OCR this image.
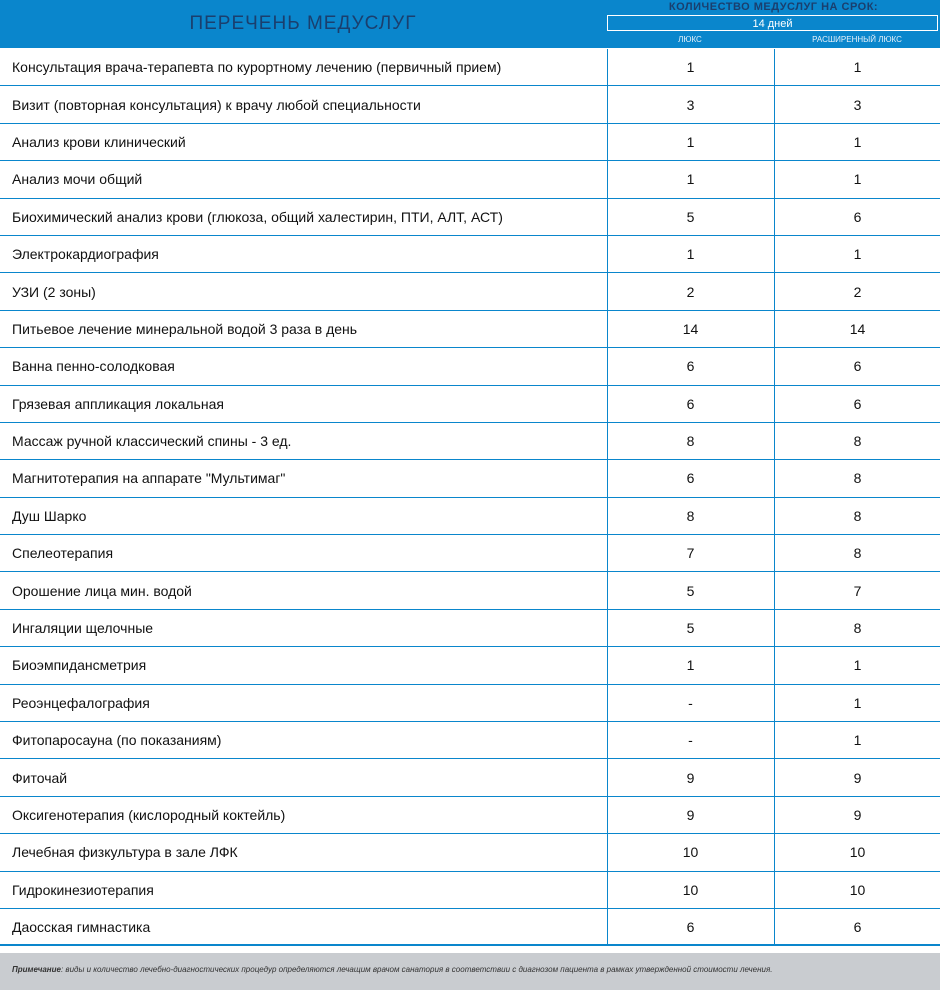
ПЕРЕЧЕНЬ МЕДУСЛУГ
КОЛИЧЕСТВО МЕДУСЛУГ НА СРОК:
14 дней
ЛЮКС	РАСШИРЕННЫЙ ЛЮКС
Консультация врача-терапевта по курортному лечению (первичный прием)	1	1
Визит (повторная консультация) к врачу любой специальности	3	3
Анализ крови клинический	1	1
Анализ мочи общий	1	1
Биохимический анализ крови (глюкоза, общий халестирин, ПТИ, АЛТ, АСТ)	5	6
Электрокардиография	1	1
УЗИ (2 зоны)	2	2
Питьевое лечение минеральной водой 3 раза в день	14	14
Ванна пенно-солодковая	6	6
Грязевая аппликация локальная	6	6
Массаж ручной классический спины - 3 ед.	8	8
Магнитотерапия на аппарате "Мультимаг"	6	8
Душ Шарко	8	8
Спелеотерапия	7	8
Орошение лица мин. водой	5	7
Ингаляции щелочные	5	8
Биоэмпидансметрия	1	1
Реоэнцефалография	-	1
Фитопаросауна (по показаниям)	-	1
Фиточай	9	9
Оксигенотерапия (кислородный коктейль)	9	9
Лечебная физкультура в зале ЛФК	10	10
Гидрокинезиотерапия	10	10
Даосская гимнастика	6	6
Примечание: виды и количество лечебно-диагностических процедур определяются лечащим врачом санатория в соответствии с диагнозом пациента в рамках утвержденной стоимости лечения.
